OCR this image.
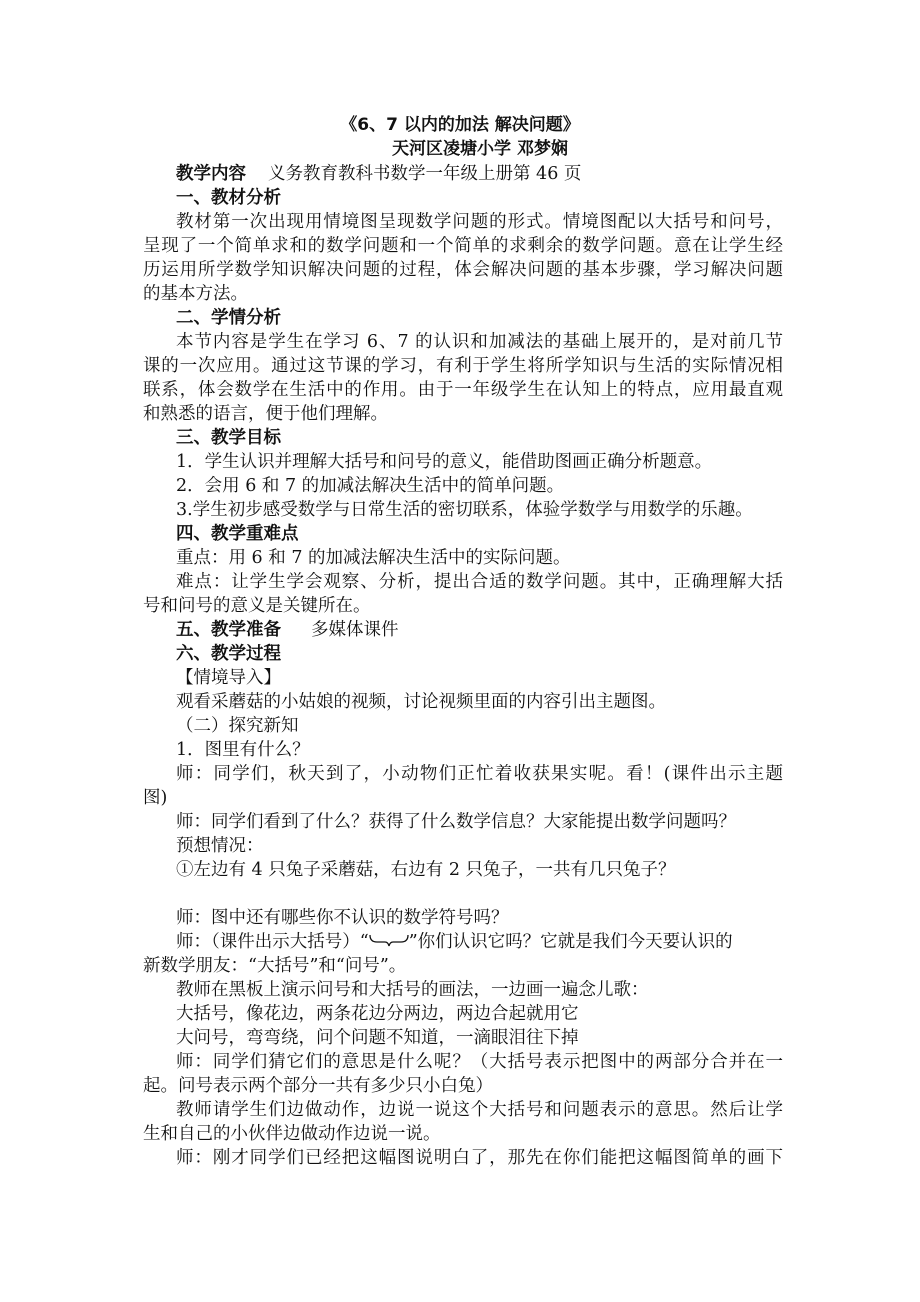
《6、7 以内的加法 解决问题》
天河区凌塘小学 邓梦娴
教学内容 义务教育教科书数学一年级上册第 46 页
一、教材分析
教材第一次出现用情境图呈现数学问题的形式。情境图配以大括号和问号，
呈现了一个简单求和的数学问题和一个简单的求剩余的数学问题。意在让学生经
历运用所学数学知识解决问题的过程，体会解决问题的基本步骤，学习解决问题
的基本方法。
二、学情分析
本节内容是学生在学习 6、7 的认识和加减法的基础上展开的，是对前几节
课的一次应用。通过这节课的学习，有利于学生将所学知识与生活的实际情况相
联系，体会数学在生活中的作用。由于一年级学生在认知上的特点，应用最直观
和熟悉的语言，便于他们理解。
三、教学目标
1．学生认识并理解大括号和问号的意义，能借助图画正确分析题意。
2．会用 6 和 7 的加减法解决生活中的简单问题。
3.学生初步感受数学与日常生活的密切联系，体验学数学与用数学的乐趣。
四、教学重难点
重点：用 6 和 7 的加减法解决生活中的实际问题。
难点：让学生学会观察、分析，提出合适的数学问题。其中，正确理解大括
号和问号的意义是关键所在。
五、教学准备 多媒体课件
六、教学过程
【情境导入】
观看采蘑菇的小姑娘的视频，讨论视频里面的内容引出主题图。
（二）探究新知
1．图里有什么？
师：同学们，秋天到了，小动物们正忙着收获果实呢。看！(课件出示主题
图)
师：同学们看到了什么？获得了什么数学信息？大家能提出数学问题吗？
预想情况：
①左边有 4 只兔子采蘑菇，右边有 2 只兔子，一共有几只兔子？
师：图中还有哪些你不认识的数学符号吗？
师：（课件出示大括号）“ ”你们认识它吗？它就是我们今天要认识的
新数学朋友：“大括号”和“问号”。
教师在黑板上演示问号和大括号的画法，一边画一遍念儿歌：
大括号，像花边，两条花边分两边，两边合起就用它
大问号，弯弯绕，问个问题不知道，一滴眼泪往下掉
师：同学们猜它们的意思是什么呢？（大括号表示把图中的两部分合并在一
起。问号表示两个部分一共有多少只小白兔）
教师请学生们边做动作，边说一说这个大括号和问题表示的意思。然后让学
生和自己的小伙伴边做动作边说一说。
师：刚才同学们已经把这幅图说明白了，那先在你们能把这幅图简单的画下
